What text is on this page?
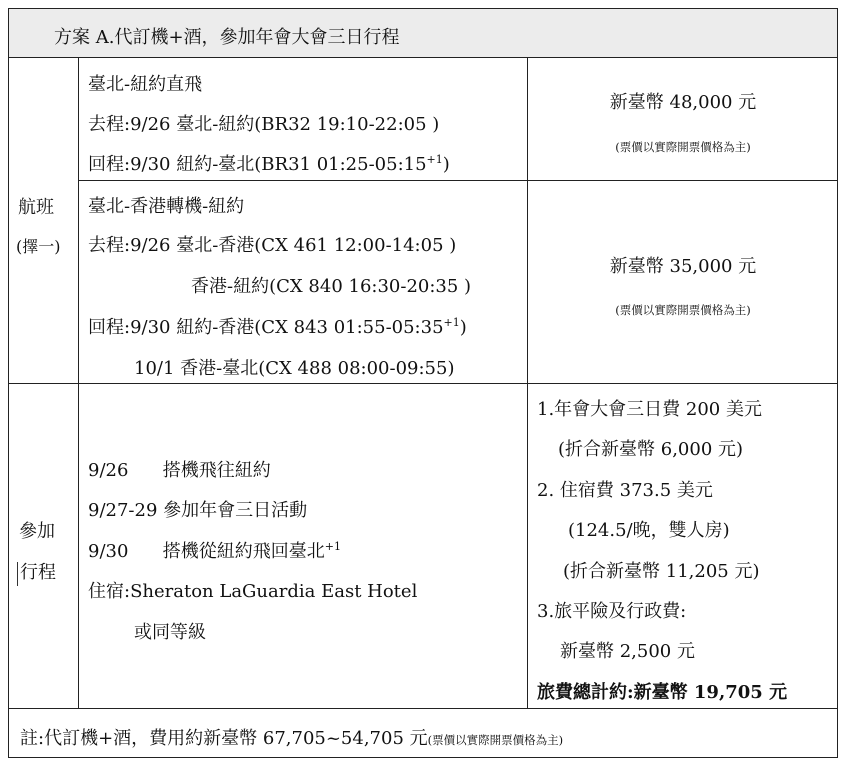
方案 A.代訂機+酒，參加年會大會三日行程
航班
(擇一)
臺北-紐約直飛
去程:9/26 臺北-紐約(BR32 19:10-22:05 )
回程:9/30 紐約-臺北(BR31 $01:25-05:15^{+1}$)
新臺幣 48,000 元
(票價以實際開票價格為主)
臺北-香港轉機-紐約
去程:9/26 臺北-香港(CX 461 12:00-14:05 )
香港-紐約(CX 840 16:30-20:35 )
回程:9/30 紐約-香港(CX 843 $01:55-05:35^{+1}$)
10/1 香港-臺北(CX 488 08:00-09:55)
新臺幣 35,000 元
(票價以實際開票價格為主)
參加
行程
9/26      搭機飛往紐約
9/27-29 參加年會三日活動
9/30      搭機從紐約飛回臺北$^{+1}$
住宿:Sheraton LaGuardia East Hotel
或同等級
1.年會大會三日費 200 美元
(折合新臺幣 6,000 元)
2. 住宿費 373.5 美元
(124.5/晚，雙人房)
(折合新臺幣 11,205 元)
3.旅平險及行政費:
新臺幣 2,500 元
旅費總計約:新臺幣 19,705 元
註:代訂機+酒，費用約新臺幣 67,705~54,705 元(票價以實際開票價格為主)
